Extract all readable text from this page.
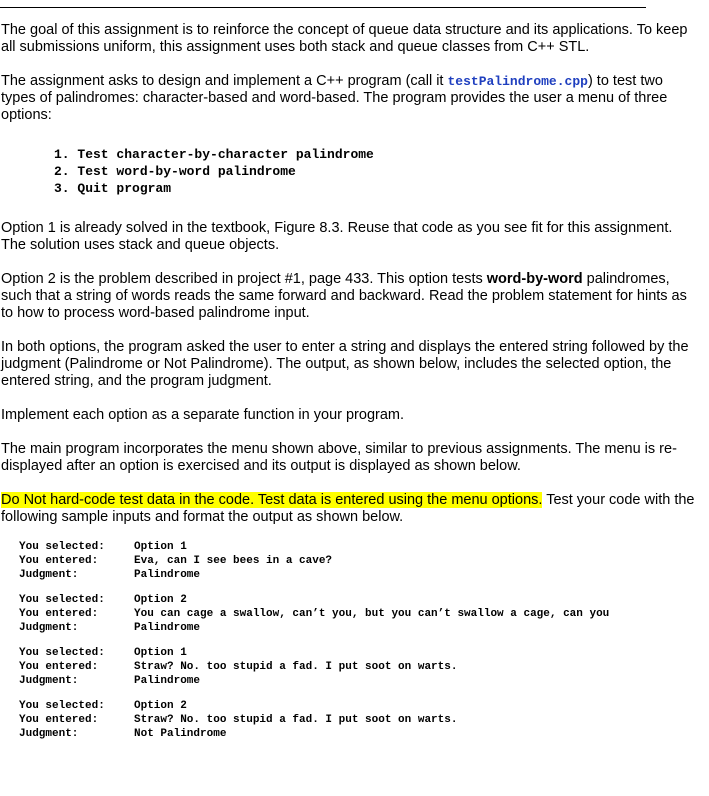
The goal of this assignment is to reinforce the concept of queue data structure and its applications. To keep all submissions uniform, this assignment uses both stack and queue classes from C++ STL.

The assignment asks to design and implement a C++ program (call it testPalindrome.cpp) to test two types of palindromes: character-based and word-based. The program provides the user a menu of three options:

1. Test character-by-character palindrome
2. Test word-by-word palindrome
3. Quit program

Option 1 is already solved in the textbook, Figure 8.3. Reuse that code as you see fit for this assignment. The solution uses stack and queue objects.

Option 2 is the problem described in project #1, page 433. This option tests word-by-word palindromes, such that a string of words reads the same forward and backward. Read the problem statement for hints as to how to process word-based palindrome input.

In both options, the program asked the user to enter a string and displays the entered string followed by the judgment (Palindrome or Not Palindrome). The output, as shown below, includes the selected option, the entered string, and the program judgment.

Implement each option as a separate function in your program.

The main program incorporates the menu shown above, similar to previous assignments. The menu is re-displayed after an option is exercised and its output is displayed as shown below.

Do Not hard-code test data in the code. Test data is entered using the menu options. Test your code with the following sample inputs and format the output as shown below.

You selected:	Option 1
You entered:	Eva, can I see bees in a cave?
Judgment:	Palindrome
You selected:	Option 2
You entered:	You can cage a swallow, can’t you, but you can’t swallow a cage, can you
Judgment:	Palindrome
You selected:	Option 1
You entered:	Straw? No. too stupid a fad. I put soot on warts.
Judgment:	Palindrome
You selected:	Option 2
You entered:	Straw? No. too stupid a fad. I put soot on warts.
Judgment:	Not Palindrome
